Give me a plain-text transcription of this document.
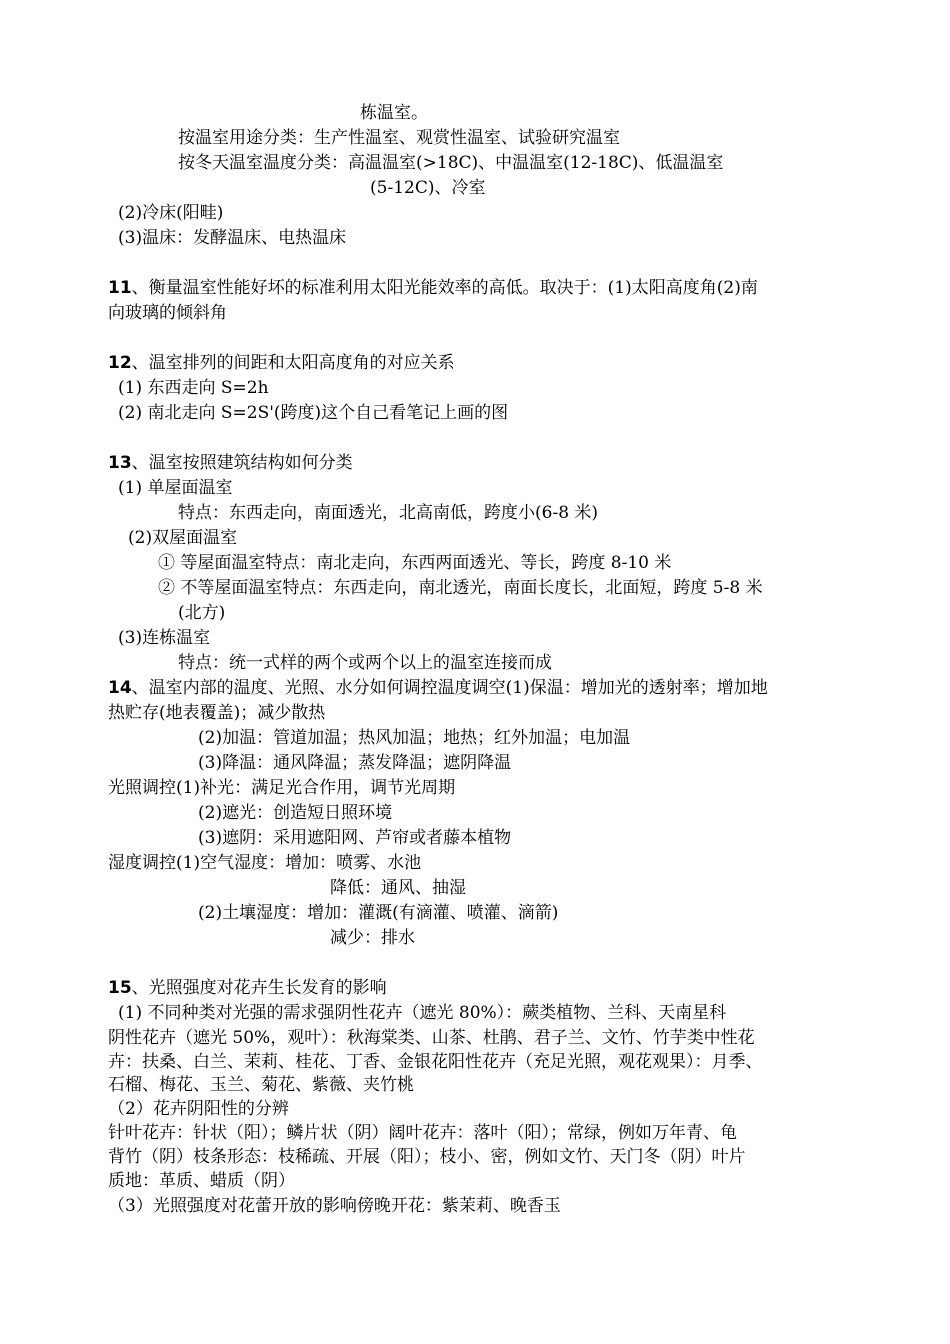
栋温室。
按温室用途分类：生产性温室、观赏性温室、试验研究温室
按冬天温室温度分类：高温温室(>18C)、中温温室(12-18C)、低温温室
(5-12C)、冷室
(2)冷床(阳畦)
(3)温床：发酵温床、电热温床
11、衡量温室性能好坏的标准利用太阳光能效率的高低。取决于：(1)太阳高度角(2)南
向玻璃的倾斜角
12、温室排列的间距和太阳高度角的对应关系
(1) 东西走向 S=2h
(2) 南北走向 S=2S'(跨度)这个自己看笔记上画的图
13、温室按照建筑结构如何分类
(1) 单屋面温室
特点：东西走向，南面透光，北高南低，跨度小(6-8 米)
(2)双屋面温室
① 等屋面温室特点：南北走向，东西两面透光、等长，跨度 8-10 米
② 不等屋面温室特点：东西走向，南北透光，南面长度长，北面短，跨度 5-8 米
(北方)
(3)连栋温室
特点：统一式样的两个或两个以上的温室连接而成
14、温室内部的温度、光照、水分如何调控温度调空(1)保温：增加光的透射率；增加地
热贮存(地表覆盖)；减少散热
(2)加温：管道加温；热风加温；地热；红外加温；电加温
(3)降温：通风降温；蒸发降温；遮阴降温
光照调控(1)补光：满足光合作用，调节光周期
(2)遮光：创造短日照环境
(3)遮阴：采用遮阳网、芦帘或者藤本植物
湿度调控(1)空气湿度：增加：喷雾、水池
降低：通风、抽湿
(2)土壤湿度：增加：灌溉(有滴灌、喷灌、滴箭)
减少：排水
15、光照强度对花卉生长发育的影响
(1) 不同种类对光强的需求强阴性花卉（遮光 80%）：蕨类植物、兰科、天南星科
阴性花卉（遮光 50%，观叶）：秋海棠类、山茶、杜鹃、君子兰、文竹、竹芋类中性花
卉：扶桑、白兰、茉莉、桂花、丁香、金银花阳性花卉（充足光照，观花观果）：月季、
石榴、梅花、玉兰、菊花、紫薇、夹竹桃
（2）花卉阴阳性的分辨
针叶花卉：针状（阳）；鳞片状（阴）阔叶花卉：落叶（阳）；常绿，例如万年青、龟
背竹（阴）枝条形态：枝稀疏、开展（阳）；枝小、密，例如文竹、天门冬（阴）叶片
质地：革质、蜡质（阴）
（3）光照强度对花蕾开放的影响傍晚开花：紫茉莉、晚香玉
